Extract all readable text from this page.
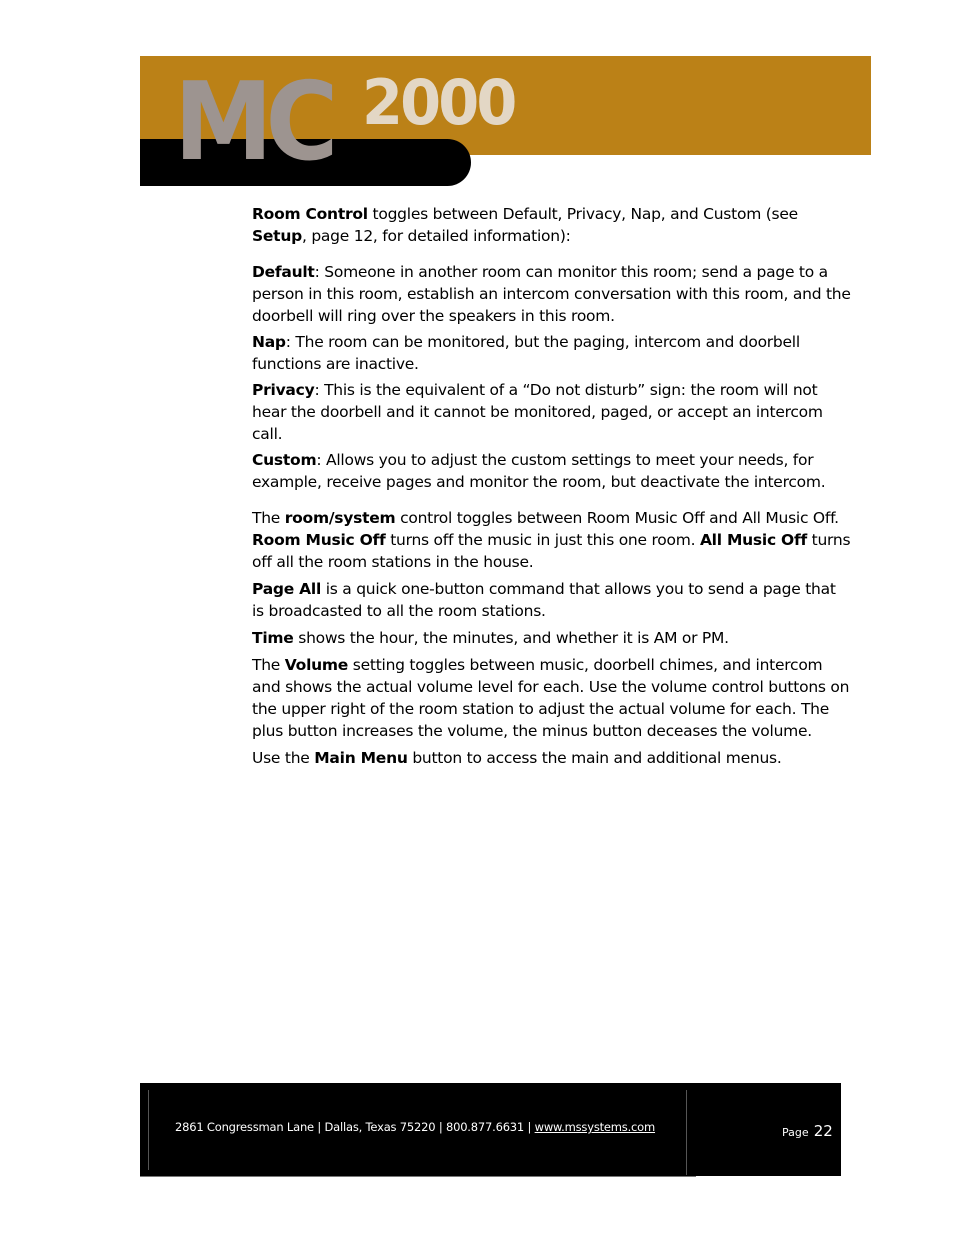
MC 2000

Room Control toggles between Default, Privacy, Nap, and Custom (see Setup, page 12, for detailed information):

Default: Someone in another room can monitor this room; send a page to a person in this room, establish an intercom conversation with this room, and the doorbell will ring over the speakers in this room.

Nap: The room can be monitored, but the paging, intercom and doorbell functions are inactive.

Privacy: This is the equivalent of a “Do not disturb” sign: the room will not hear the doorbell and it cannot be monitored, paged, or accept an intercom call.

Custom: Allows you to adjust the custom settings to meet your needs, for example, receive pages and monitor the room, but deactivate the intercom.

The room/system control toggles between Room Music Off and All Music Off. Room Music Off turns off the music in just this one room. All Music Off turns off all the room stations in the house.

Page All is a quick one-button command that allows you to send a page that is broadcasted to all the room stations.

Time shows the hour, the minutes, and whether it is AM or PM.

The Volume setting toggles between music, doorbell chimes, and intercom and shows the actual volume level for each. Use the volume control buttons on the upper right of the room station to adjust the actual volume for each. The plus button increases the volume, the minus button deceases the volume.

Use the Main Menu button to access the main and additional menus.

2861 Congressman Lane | Dallas, Texas 75220 | 800.877.6631 | www.mssystems.com	Page 22
